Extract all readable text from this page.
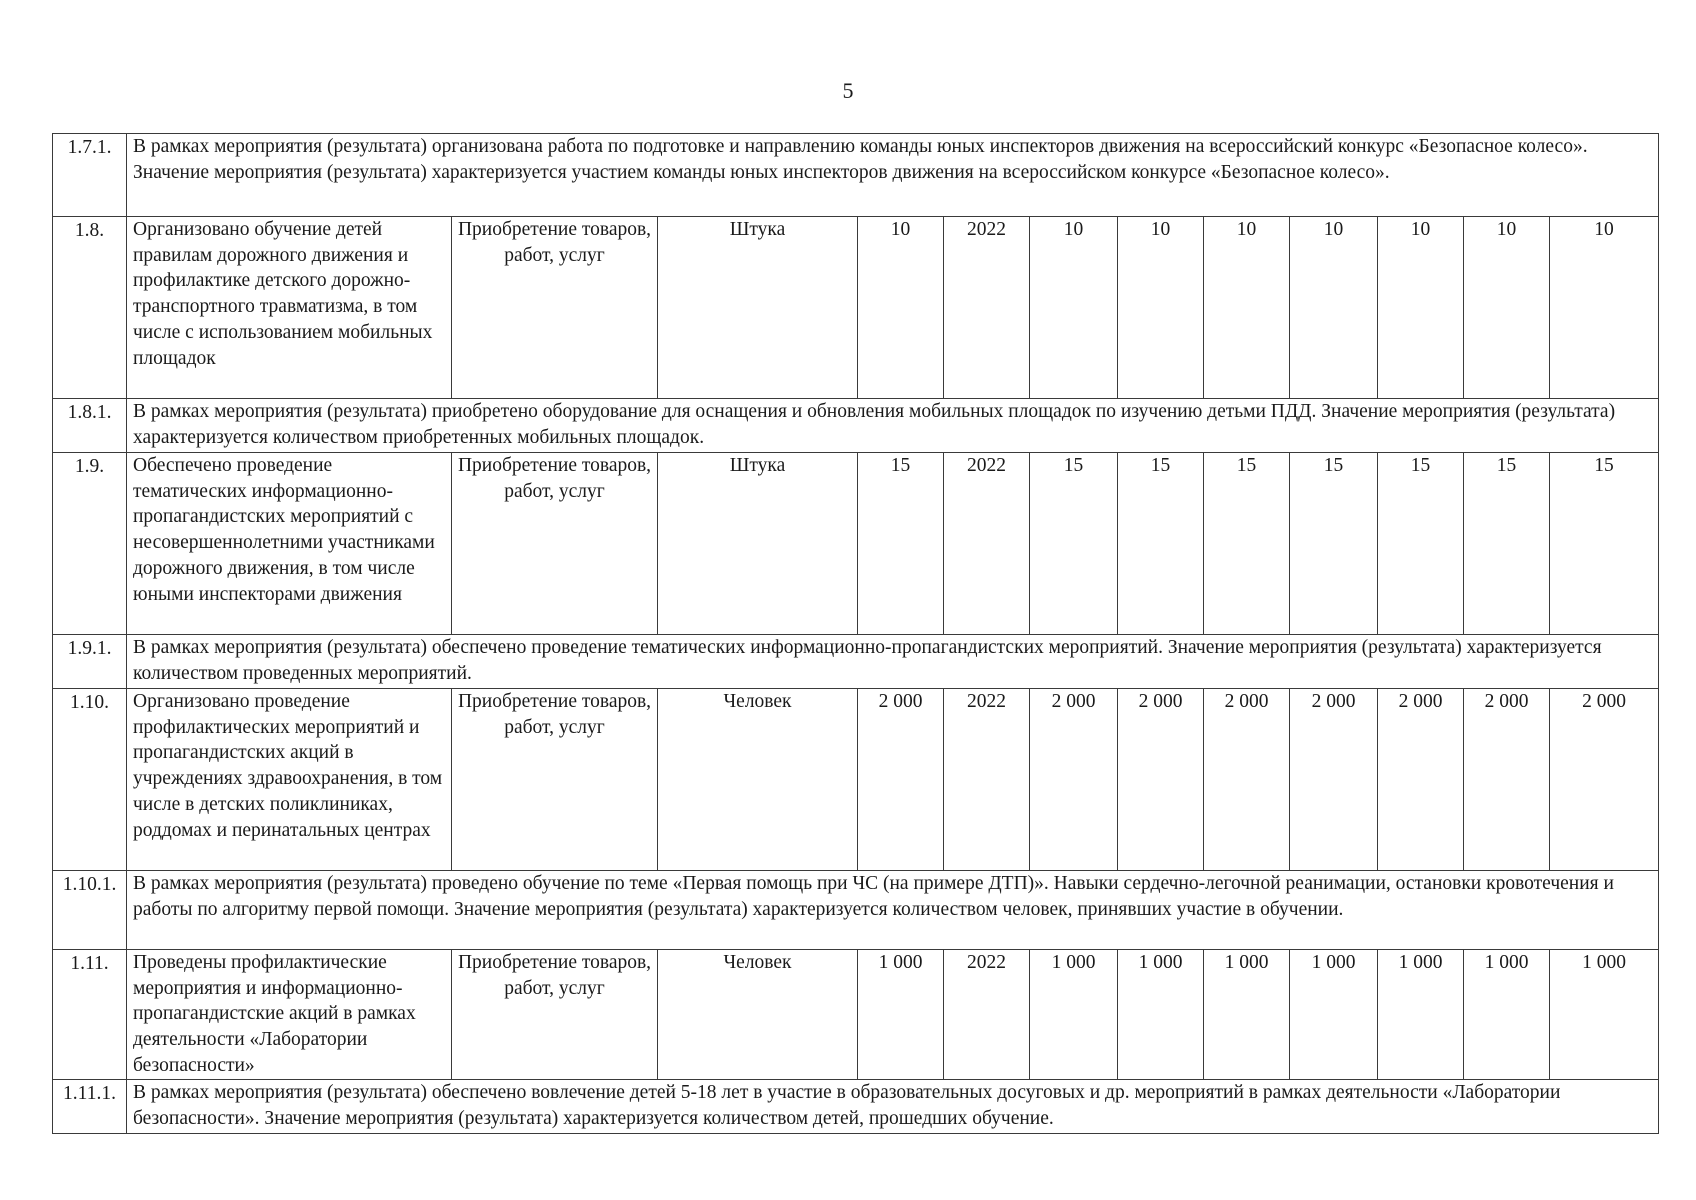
5
1.7.1.	В рамках мероприятия (результата) организована работа по подготовке и направлению команды юных инспекторов движения на всероссийский конкурс «Безопасное колесо». Значение мероприятия (результата) характеризуется участием команды юных инспекторов движения на всероссийском конкурсе «Безопасное колесо».											
1.8.	Организовано обучение детей правилам дорожного движения и профилактике детского дорожно-транспортного травматизма, в том числе с использованием мобильных площадок	Приобретение товаров, работ, услуг	Штука	10	2022	10	10	10	10	10	10	10
1.8.1.	В рамках мероприятия (результата) приобретено оборудование для оснащения и обновления мобильных площадок по изучению детьми ПДД. Значение мероприятия (результата) характеризуется количеством приобретенных мобильных площадок.											
1.9.	Обеспечено проведение тематических информационно-пропагандистских мероприятий с несовершеннолетними участниками дорожного движения, в том числе юными инспекторами движения	Приобретение товаров, работ, услуг	Штука	15	2022	15	15	15	15	15	15	15
1.9.1.	В рамках мероприятия (результата) обеспечено проведение тематических информационно-пропагандистских мероприятий. Значение мероприятия (результата) характеризуется количеством проведенных мероприятий.											
1.10.	Организовано проведение профилактических мероприятий и пропагандистских акций в учреждениях здравоохранения, в том числе в детских поликлиниках, роддомах и перинатальных центрах	Приобретение товаров, работ, услуг	Человек	2 000	2022	2 000	2 000	2 000	2 000	2 000	2 000	2 000
1.10.1.	В рамках мероприятия (результата) проведено обучение по теме «Первая помощь при ЧС (на примере ДТП)». Навыки сердечно-легочной реанимации, остановки кровотечения и работы по алгоритму первой помощи. Значение мероприятия (результата) характеризуется количеством человек, принявших участие в обучении.											
1.11.	Проведены профилактические мероприятия и информационно-пропагандистские акций в рамках деятельности «Лаборатории безопасности»	Приобретение товаров, работ, услуг	Человек	1 000	2022	1 000	1 000	1 000	1 000	1 000	1 000	1 000
1.11.1.	В рамках мероприятия (результата) обеспечено вовлечение детей 5-18 лет в участие в образовательных досуговых и др. мероприятий в рамках деятельности «Лаборатории безопасности». Значение мероприятия (результата) характеризуется количеством детей, прошедших обучение.											
